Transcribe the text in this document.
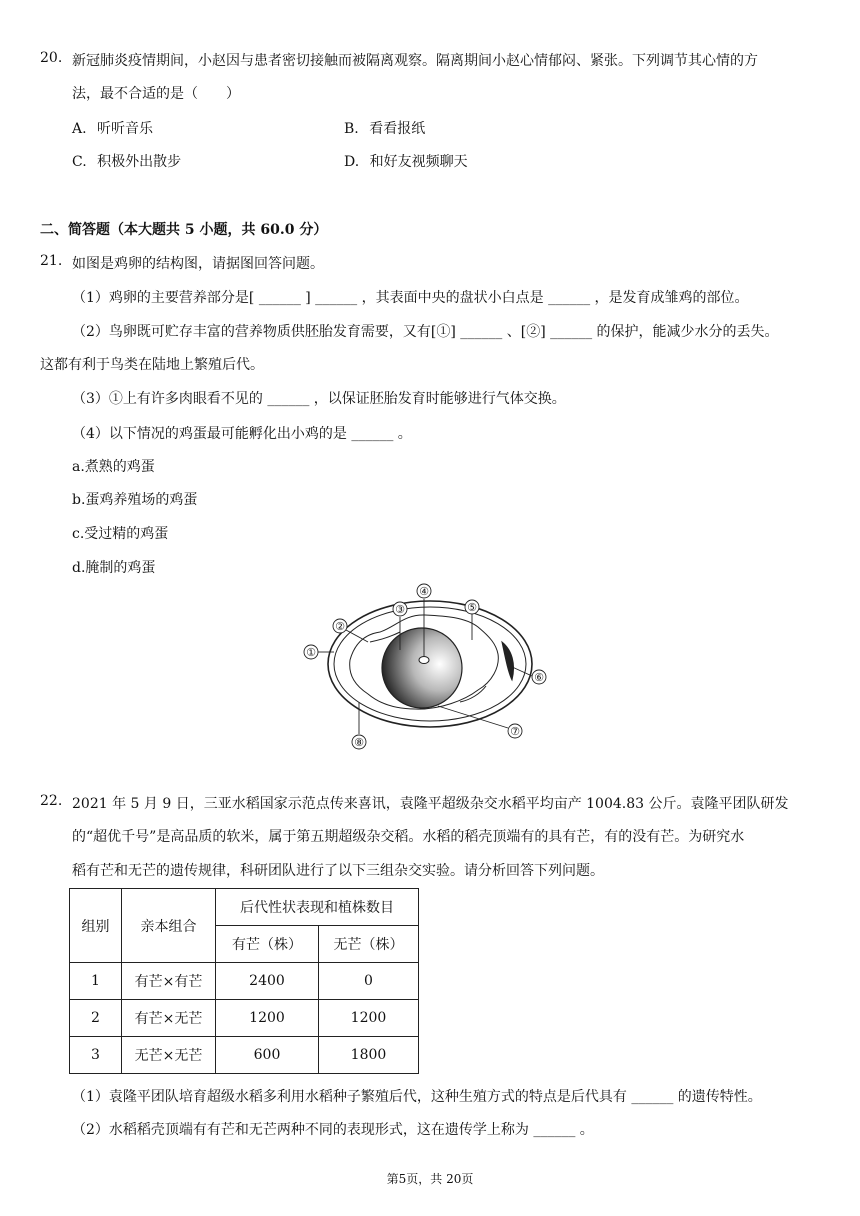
20. 新冠肺炎疫情期间，小赵因与患者密切接触而被隔离观察。隔离期间小赵心情郁闷、紧张。下列调节其心情的方
法，最不合适的是（　　）
A. 听听音乐	B. 看看报纸
C. 积极外出散步	D. 和好友视频聊天
二、简答题（本大题共 5 小题，共 60.0 分）
21. 如图是鸡卵的结构图，请据图回答问题。
（1）鸡卵的主要营养部分是[ ______ ] ______ ，其表面中央的盘状小白点是 ______ ，是发育成雏鸡的部位。
（2）鸟卵既可贮存丰富的营养物质供胚胎发育需要，又有[①] ______ 、[②] ______ 的保护，能减少水分的丢失。
这都有利于鸟类在陆地上繁殖后代。
（3）①上有许多肉眼看不见的 ______ ，以保证胚胎发育时能够进行气体交换。
（4）以下情况的鸡蛋最可能孵化出小鸡的是 ______ 。
a.煮熟的鸡蛋
b.蛋鸡养殖场的鸡蛋
c.受过精的鸡蛋
d.腌制的鸡蛋
①
②
③
④
⑤
⑥
⑦
⑧
22. 2021 年 5 月 9 日，三亚水稻国家示范点传来喜讯，袁隆平超级杂交水稻平均亩产 1004.83 公斤。袁隆平团队研发
的“超优千号”是高品质的软米，属于第五期超级杂交稻。水稻的稻壳顶端有的具有芒，有的没有芒。为研究水
稻有芒和无芒的遗传规律，科研团队进行了以下三组杂交实验。请分析回答下列问题。
组别	亲本组合	后代性状表现和植株数目	
		有芒（株）	无芒（株）
1	有芒×有芒	2400	0
2	有芒×无芒	1200	1200
3	无芒×无芒	600	1800
（1）袁隆平团队培育超级水稻多利用水稻种子繁殖后代，这种生殖方式的特点是后代具有 ______ 的遗传特性。
（2）水稻稻壳顶端有有芒和无芒两种不同的表现形式，这在遗传学上称为 ______ 。
第5页，共 20页
